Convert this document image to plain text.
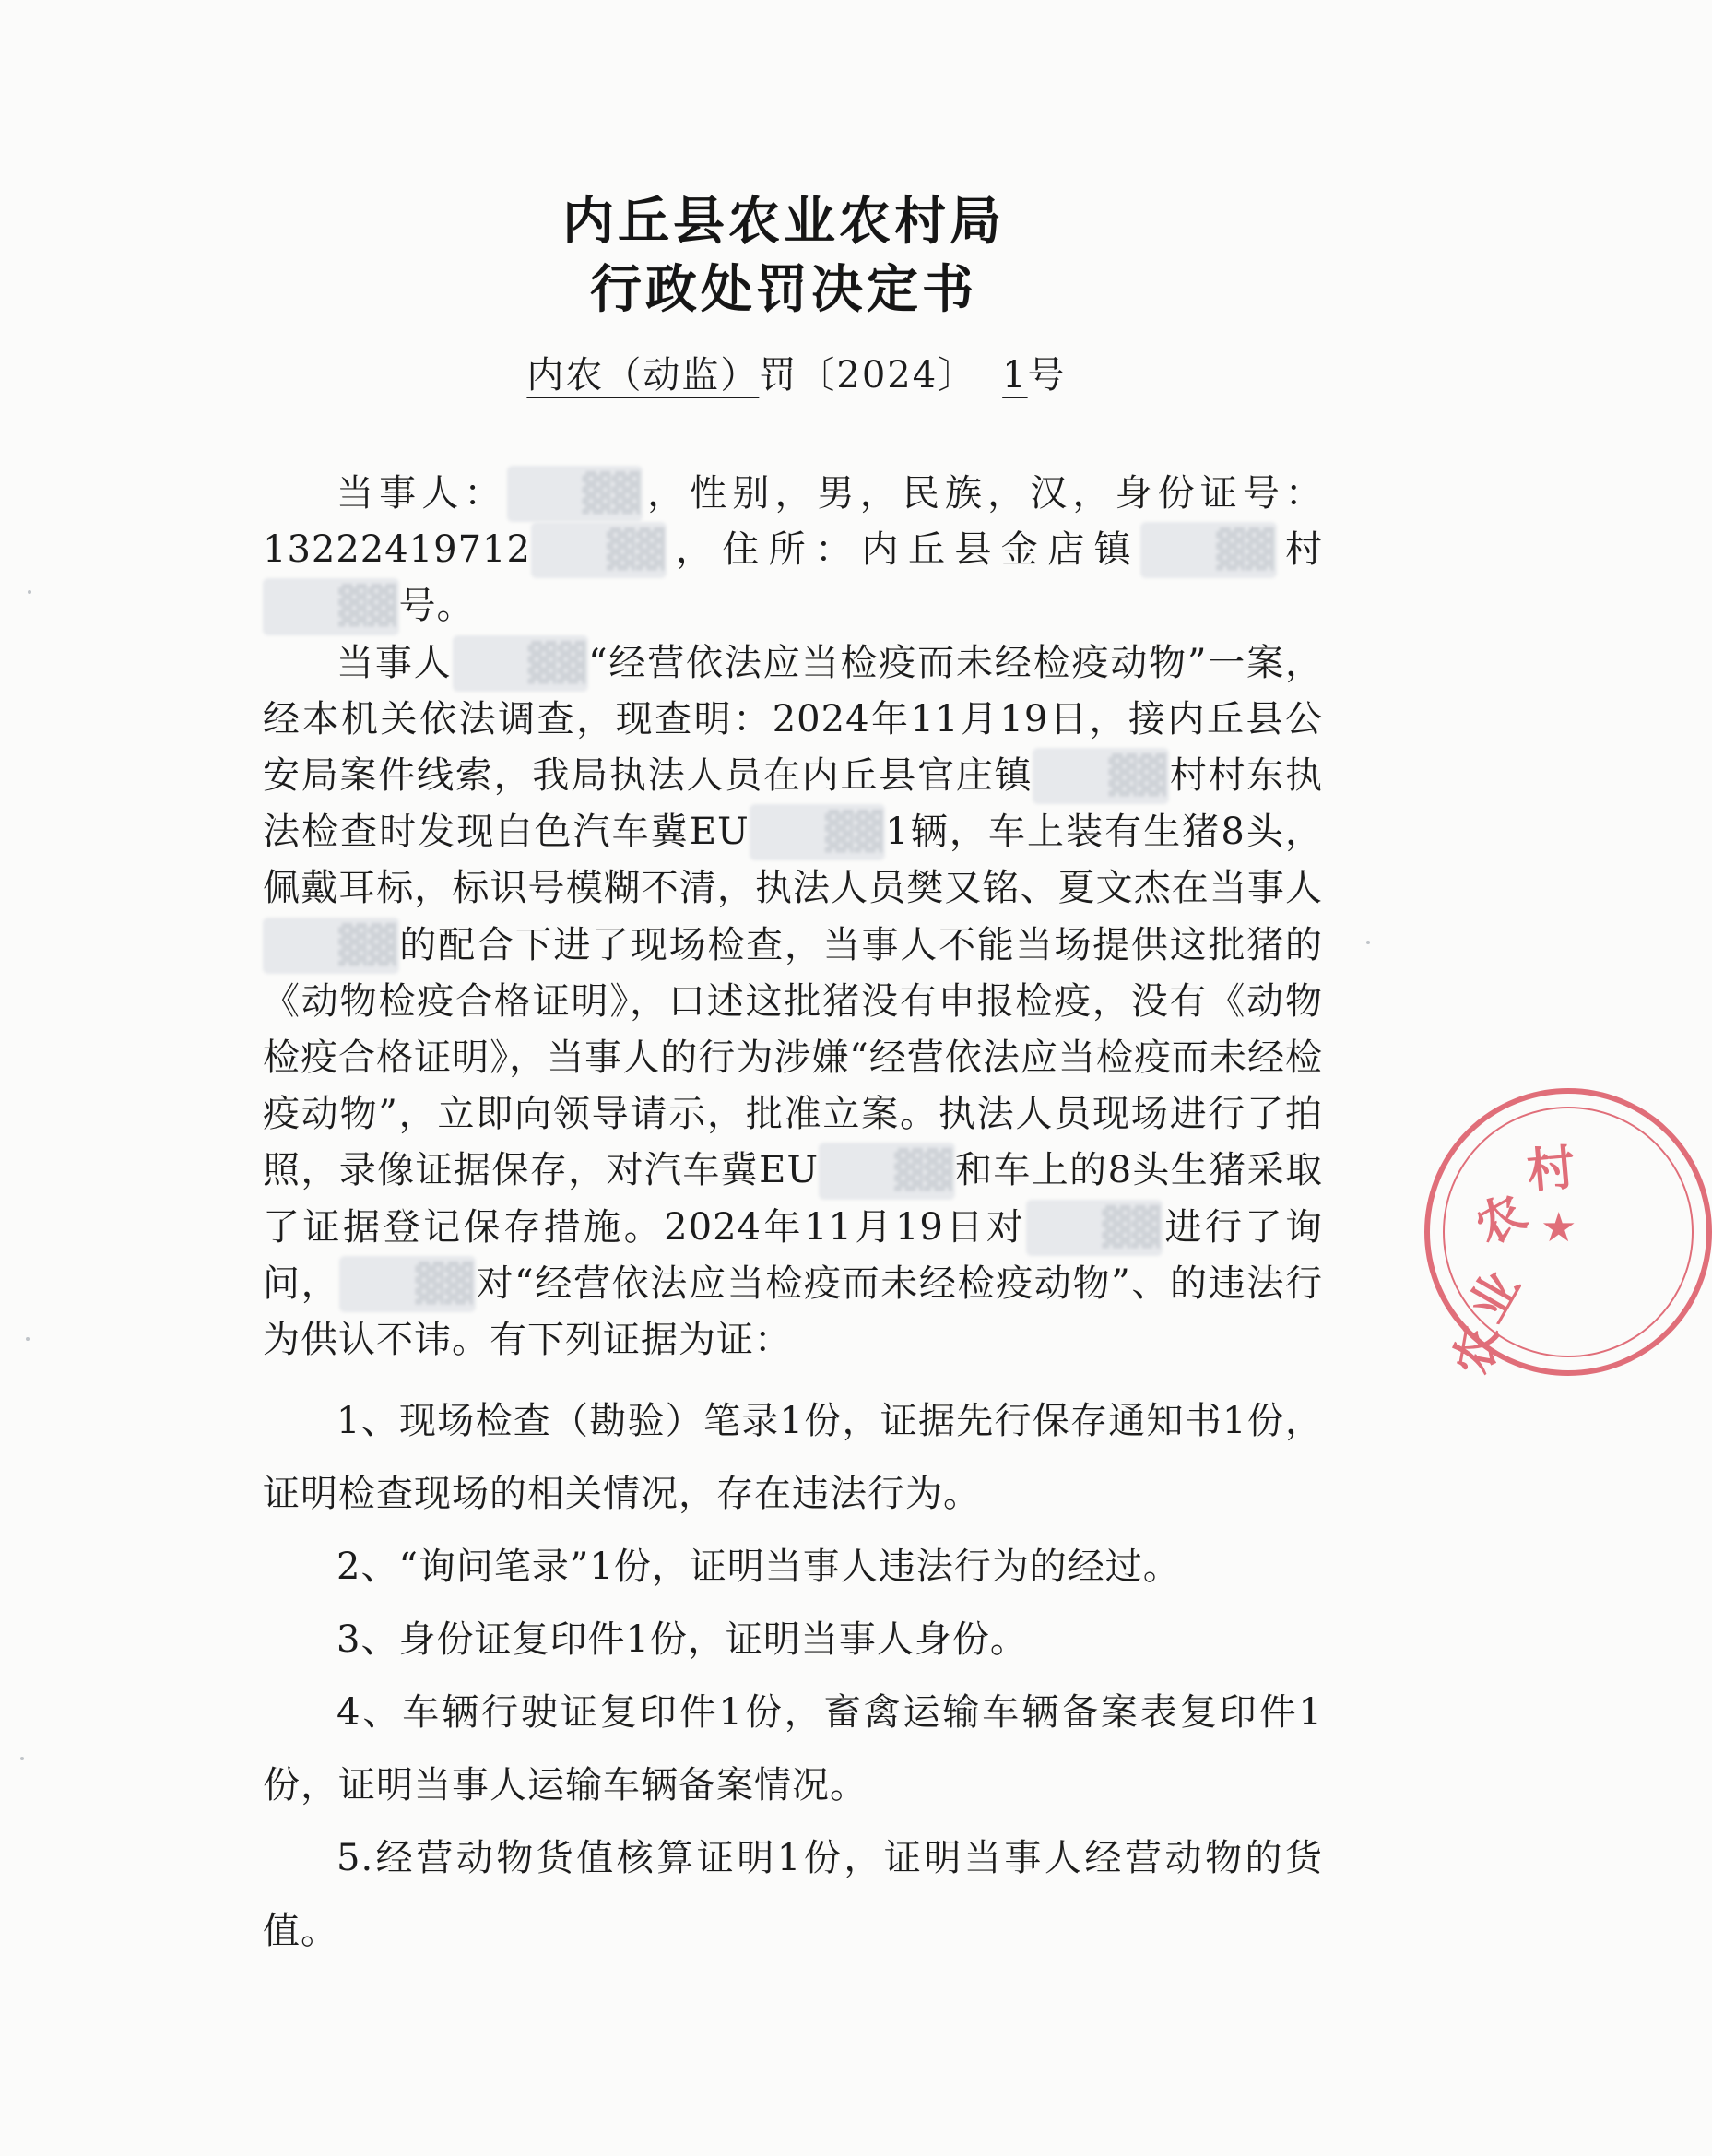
内丘县农业农村局
行政处罚决定书
内农（动监）罚〔2024〕 1号

当事人： ▓▓，性别，男，民族，汉，身份证号：13222419712 ▓▓，住所：内丘县金店镇 ▓▓村▓▓号。

当事人 ▓▓“经营依法应当检疫而未经检疫动物”一案，经本机关依法调查，现查明：2024年11月19日，接内丘县公安局案件线索，我局执法人员在内丘县官庄镇 ▓▓村村东执法检查时发现白色汽车冀EU ▓▓1辆，车上装有生猪8头，佩戴耳标，标识号模糊不清，执法人员樊又铭、夏文杰在当事人▓▓的配合下进了现场检查，当事人不能当场提供这批猪的《动物检疫合格证明》，口述这批猪没有申报检疫，没有《动物检疫合格证明》，当事人的行为涉嫌“经营依法应当检疫而未经检疫动物”，立即向领导请示，批准立案。执法人员现场进行了拍照，录像证据保存，对汽车冀EU ▓▓和车上的8头生猪采取了证据登记保存措施。2024年11月19日对 ▓▓进行了询问， ▓▓对“经营依法应当检疫而未经检疫动物”、的违法行为供认不讳。有下列证据为证：

1、现场检查（勘验）笔录1份，证据先行保存通知书1份，证明检查现场的相关情况，存在违法行为。

2、“询问笔录”1份，证明当事人违法行为的经过。

3、身份证复印件1份，证明当事人身份。

4、车辆行驶证复印件1份，畜禽运输车辆备案表复印件1份，证明当事人运输车辆备案情况。

5.经营动物货值核算证明1份，证明当事人经营动物的货值。

农
业
农
村
★
